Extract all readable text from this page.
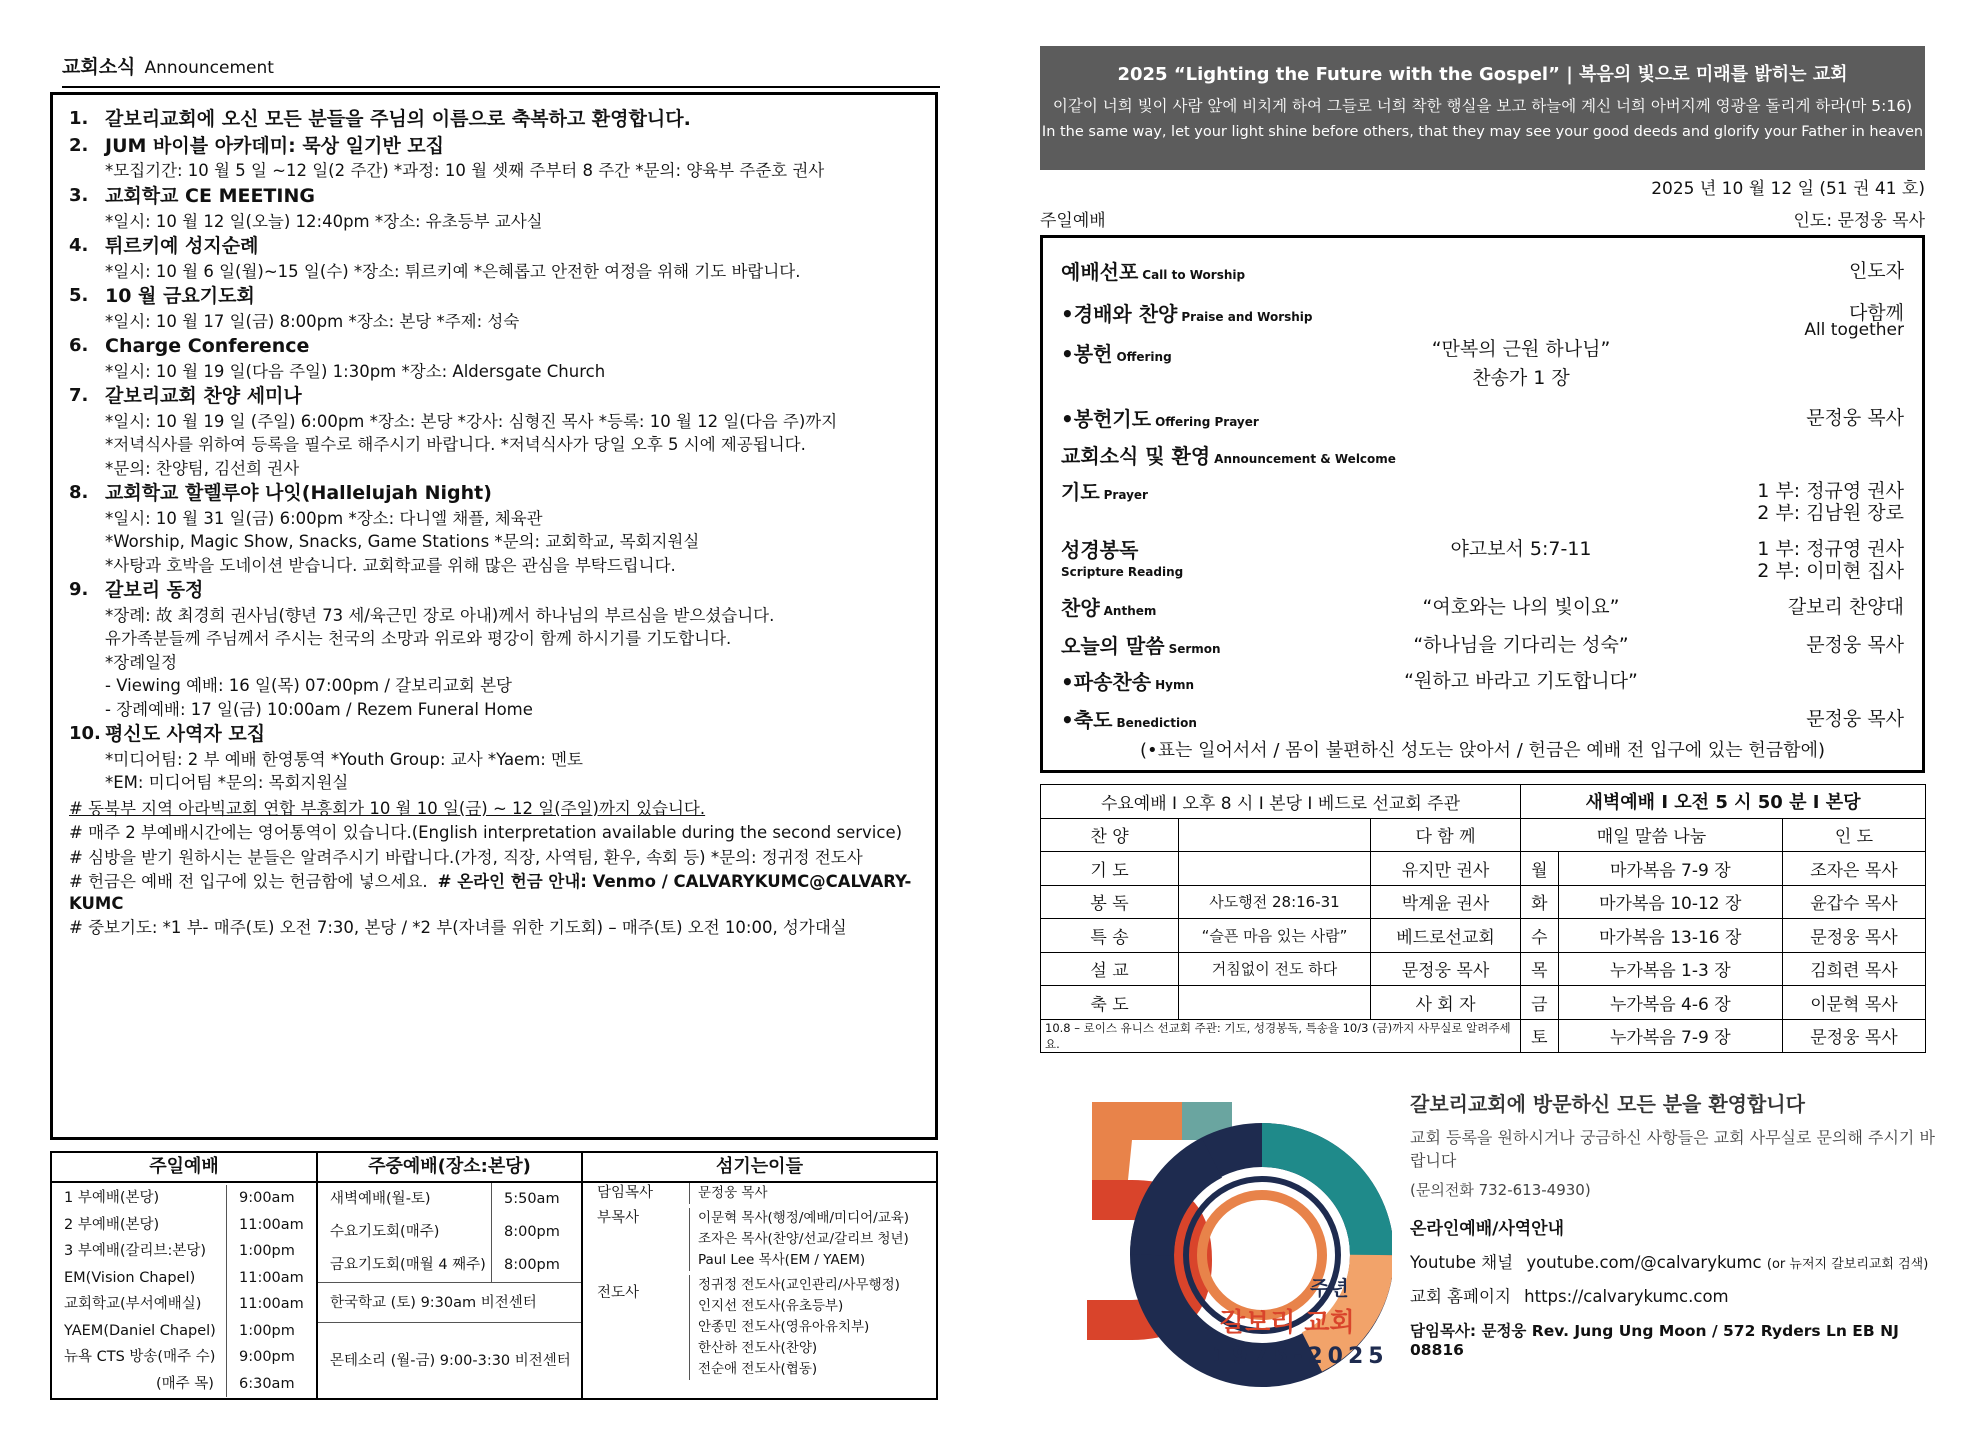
교회소식 Announcement
1. 갈보리교회에 오신 모든 분들을 주님의 이름으로 축복하고 환영합니다.
2. JUM 바이블 아카데미: 묵상 일기반 모집
*모집기간: 10 월 5 일 ~12 일(2 주간) *과정: 10 월 셋째 주부터 8 주간 *문의: 양육부 주준호 권사
3. 교회학교 CE MEETING
*일시: 10 월 12 일(오늘) 12:40pm *장소: 유초등부 교사실
4. 튀르키예 성지순례
*일시: 10 월 6 일(월)~15 일(수) *장소: 튀르키예 *은혜롭고 안전한 여정을 위해 기도 바랍니다.
5. 10 월 금요기도회
*일시: 10 월 17 일(금) 8:00pm *장소: 본당 *주제: 성숙
6. Charge Conference
*일시: 10 월 19 일(다음 주일) 1:30pm *장소: Aldersgate Church
7. 갈보리교회 찬양 세미나
*일시: 10 월 19 일 (주일) 6:00pm *장소: 본당 *강사: 심형진 목사 *등록: 10 월 12 일(다음 주)까지
*저녁식사를 위하여 등록을 필수로 해주시기 바랍니다. *저녁식사가 당일 오후 5 시에 제공됩니다.
*문의: 찬양팀, 김선희 권사
8. 교회학교 할렐루야 나잇(Hallelujah Night)
*일시: 10 월 31 일(금) 6:00pm *장소: 다니엘 채플, 체육관
*Worship, Magic Show, Snacks, Game Stations *문의: 교회학교, 목회지원실
*사탕과 호박을 도네이션 받습니다. 교회학교를 위해 많은 관심을 부탁드립니다.
9. 갈보리 동정
*장례: 故 최경희 권사님(향년 73 세/육근민 장로 아내)께서 하나님의 부르심을 받으셨습니다.
유가족분들께 주님께서 주시는 천국의 소망과 위로와 평강이 함께 하시기를 기도합니다.
*장례일정
- Viewing 예배: 16 일(목) 07:00pm / 갈보리교회 본당
- 장례예배: 17 일(금) 10:00am / Rezem Funeral Home
10. 평신도 사역자 모집
*미디어팀: 2 부 예배 한영통역 *Youth Group: 교사 *Yaem: 멘토
*EM: 미디어팀 *문의: 목회지원실
# 동북부 지역 아라빅교회 연합 부흥회가 10 월 10 일(금) ~ 12 일(주일)까지 있습니다.
# 매주 2 부예배시간에는 영어통역이 있습니다.(English interpretation available during the second service)
# 심방을 받기 원하시는 분들은 알려주시기 바랍니다.(가정, 직장, 사역팀, 환우, 속회 등) *문의: 정귀정 전도사
# 헌금은 예배 전 입구에 있는 헌금함에 넣으세요. # 온라인 헌금 안내: Venmo / CALVARYKUMC@CALVARY-KUMC
# 중보기도: *1 부- 매주(토) 오전 7:30, 본당 / *2 부(자녀를 위한 기도회) – 매주(토) 오전 10:00, 성가대실
주일예배
1 부예배(본당)	9:00am
2 부예배(본당)	11:00am
3 부예배(갈리브:본당)	1:00pm
EM(Vision Chapel)	11:00am
교회학교(부서예배실)	11:00am
YAEM(Daniel Chapel)	1:00pm
뉴욕 CTS 방송(매주 수)	9:00pm
(매주 목)	6:30am
주중예배(장소:본당)
새벽예배(월-토)	5:50am
수요기도회(매주)	8:00pm
금요기도회(매월 4 째주)	8:00pm
한국학교 (토) 9:30am 비전센터
몬테소리 (월-금) 9:00-3:30 비전센터
섬기는이들
담임목사	문정웅 목사
부목사	이문혁 목사(행정/예배/미디어/교육)
조자은 목사(찬양/선교/갈리브 청년)
Paul Lee 목사(EM / YAEM)
전도사	정귀정 전도사(교인관리/사무행정)
인지선 전도사(유초등부)
안종민 전도사(영유아유치부)
한산하 전도사(찬양)
전순애 전도사(협동)
2025 “Lighting the Future with the Gospel” | 복음의 빛으로 미래를 밝히는 교회
이같이 너희 빛이 사람 앞에 비치게 하여 그들로 너희 착한 행실을 보고 하늘에 계신 너희 아버지께 영광을 돌리게 하라(마 5:16)
In the same way, let your light shine before others, that they may see your good deeds and glorify your Father in heaven
2025 년 10 월 12 일 (51 권 41 호)
주일예배	인도: 문정웅 목사
예배선포 Call to Worship	인도자
•경배와 찬양 Praise and Worship	다함께
All together
•봉헌 Offering	“만복의 근원 하나님”
찬송가 1 장
•봉헌기도 Offering Prayer	문정웅 목사
교회소식 및 환영 Announcement & Welcome
기도 Prayer	1 부: 정규영 권사
2 부: 김남원 장로
성경봉독
Scripture Reading
야고보서 5:7-11	1 부: 정규영 권사
2 부: 이미현 집사
찬양 Anthem	“여호와는 나의 빛이요”	갈보리 찬양대
오늘의 말씀 Sermon	“하나님을 기다리는 성숙”	문정웅 목사
•파송찬송 Hymn	“원하고 바라고 기도합니다”
•축도 Benediction	문정웅 목사
(•표는 일어서서 / 몸이 불편하신 성도는 앉아서 / 헌금은 예배 전 입구에 있는 헌금함에)
수요예배 I 오후 8 시 I 본당 I 베드로 선교회 주관			새벽예배 I 오전 5 시 50 분 I 본당		
찬 양		다 함 께	매일 말씀 나눔		인 도
기 도		유지만 권사	월	마가복음 7-9 장	조자은 목사
봉 독	사도행전 28:16-31	박계윤 권사	화	마가복음 10-12 장	윤갑수 목사
특 송	“슬픈 마음 있는 사람”	베드로선교회	수	마가복음 13-16 장	문정웅 목사
설 교	거침없이 전도 하다	문정웅 목사	목	누가복음 1-3 장	김희련 목사
축 도		사 회 자	금	누가복음 4-6 장	이문혁 목사
10.8 – 로이스 유니스 선교회 주관: 기도, 성경봉독, 특송을 10/3 (금)까지 사무실로 알려주세요.			토	누가복음 7-9 장	문정웅 목사
주년
갈보리 교회
1975-2025
갈보리교회에 방문하신 모든 분을 환영합니다
교회 등록을 원하시거나 궁금하신 사항들은 교회 사무실로 문의해 주시기 바랍니다
(문의전화 732-613-4930)
온라인예배/사역안내
Youtube 채널 youtube.com/@calvarykumc (or 뉴저지 갈보리교회 검색)
교회 홈페이지 https://calvarykumc.com
담임목사: 문정웅 Rev. Jung Ung Moon / 572 Ryders Ln EB NJ 08816
